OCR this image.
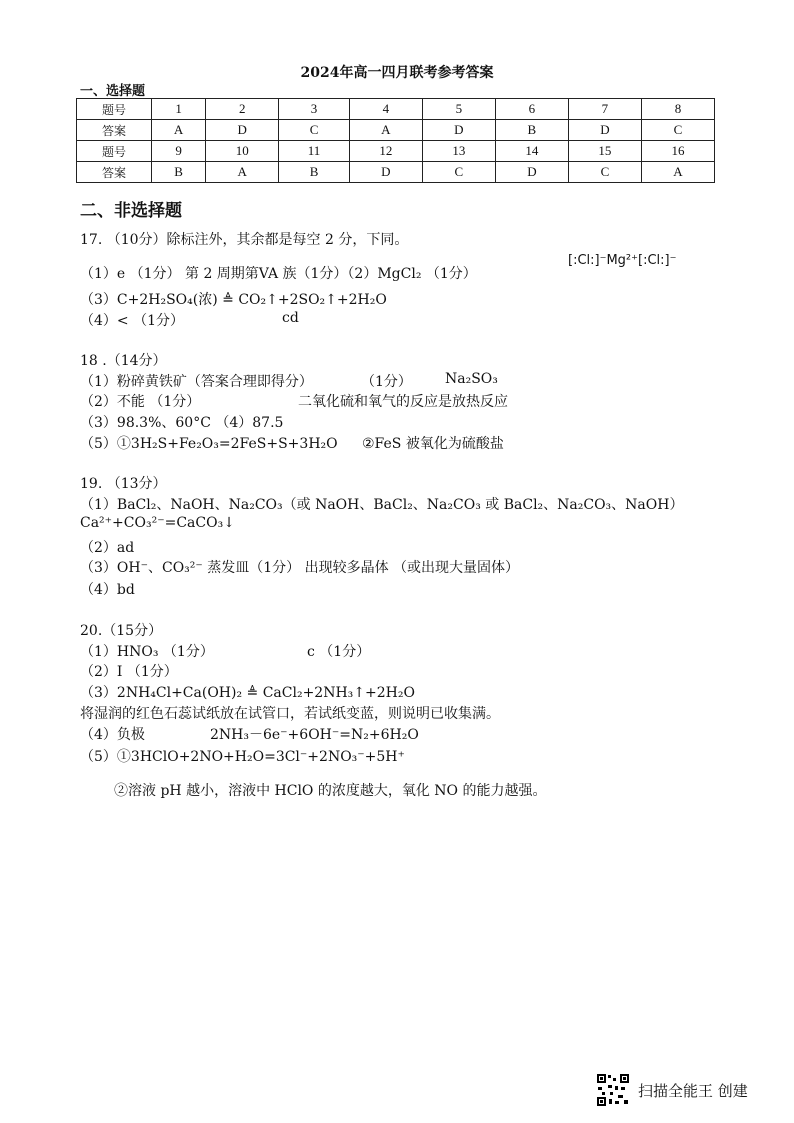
2024年高一四月联考参考答案
一、选择题
题号	1	2	3	4	5	6	7	8
答案	A	D	C	A	D	B	D	C
题号	9	10	11	12	13	14	15	16
答案	B	A	B	D	C	D	C	A
二、非选择题
17. （10分）除标注外，其余都是每空 2 分，下同。
（1）e （1分） 第 2 周期第VA 族（1分）（2）MgCl₂ （1分）
[:Cl:]⁻Mg²⁺[:Cl:]⁻
（3）C+2H₂SO₄(浓) ≜ CO₂↑+2SO₂↑+2H₂O
（4）< （1分）	cd
18 .（14分）
（1）粉碎黄铁矿（答案合理即得分）	（1分） Na₂SO₃
（2）不能 （1分）	二氧化硫和氧气的反应是放热反应
（3）98.3%、60°C （4）87.5
（5）①3H₂S+Fe₂O₃=2FeS+S+3H₂O ②FeS 被氧化为硫酸盐
19. （13分）
（1）BaCl₂、NaOH、Na₂CO₃（或 NaOH、BaCl₂、Na₂CO₃ 或 BaCl₂、Na₂CO₃、NaOH）
Ca²⁺+CO₃²⁻=CaCO₃↓
（2）ad
（3）OH⁻、CO₃²⁻ 蒸发皿（1分） 出现较多晶体 （或出现大量固体）
（4）bd
20.（15分）
（1）HNO₃ （1分）	c （1分）
（2）I （1分）
（3）2NH₄Cl+Ca(OH)₂ ≜ CaCl₂+2NH₃↑+2H₂O
将湿润的红色石蕊试纸放在试管口，若试纸变蓝，则说明已收集满。
（4）负极	2NH₃－6e⁻+6OH⁻=N₂+6H₂O
（5）①3HClO+2NO+H₂O=3Cl⁻+2NO₃⁻+5H⁺
②溶液 pH 越小，溶液中 HClO 的浓度越大，氧化 NO 的能力越强。
扫描全能王 创建
